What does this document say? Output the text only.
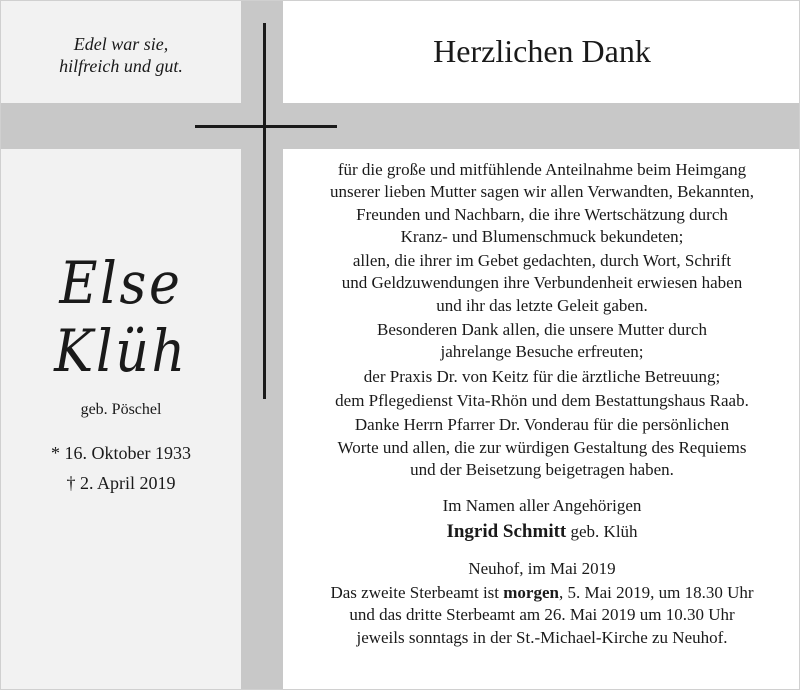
Edel war sie,
hilfreich und gut.	Herzlichen Dank
Else
Klüh
geb. Pöschel
* 16. Oktober 1933
† 2. April 2019
für die große und mitfühlende Anteilnahme beim Heimgang
unserer lieben Mutter sagen wir allen Verwandten, Bekannten,
Freunden und Nachbarn, die ihre Wertschätzung durch
Kranz- und Blumenschmuck bekundeten;
allen, die ihrer im Gebet gedachten, durch Wort, Schrift
und Geldzuwendungen ihre Verbundenheit erwiesen haben
und ihr das letzte Geleit gaben.
Besonderen Dank allen, die unsere Mutter durch
jahrelange Besuche erfreuten;
der Praxis Dr. von Keitz für die ärztliche Betreuung;
dem Pflegedienst Vita-Rhön und dem Bestattungshaus Raab.
Danke Herrn Pfarrer Dr. Vonderau für die persönlichen
Worte und allen, die zur würdigen Gestaltung des Requiems
und der Beisetzung beigetragen haben.
Im Namen aller Angehörigen
Ingrid Schmitt geb. Klüh
Neuhof, im Mai 2019
Das zweite Sterbeamt ist morgen, 5. Mai 2019, um 18.30 Uhr
und das dritte Sterbeamt am 26. Mai 2019 um 10.30 Uhr
jeweils sonntags in der St.-Michael-Kirche zu Neuhof.
